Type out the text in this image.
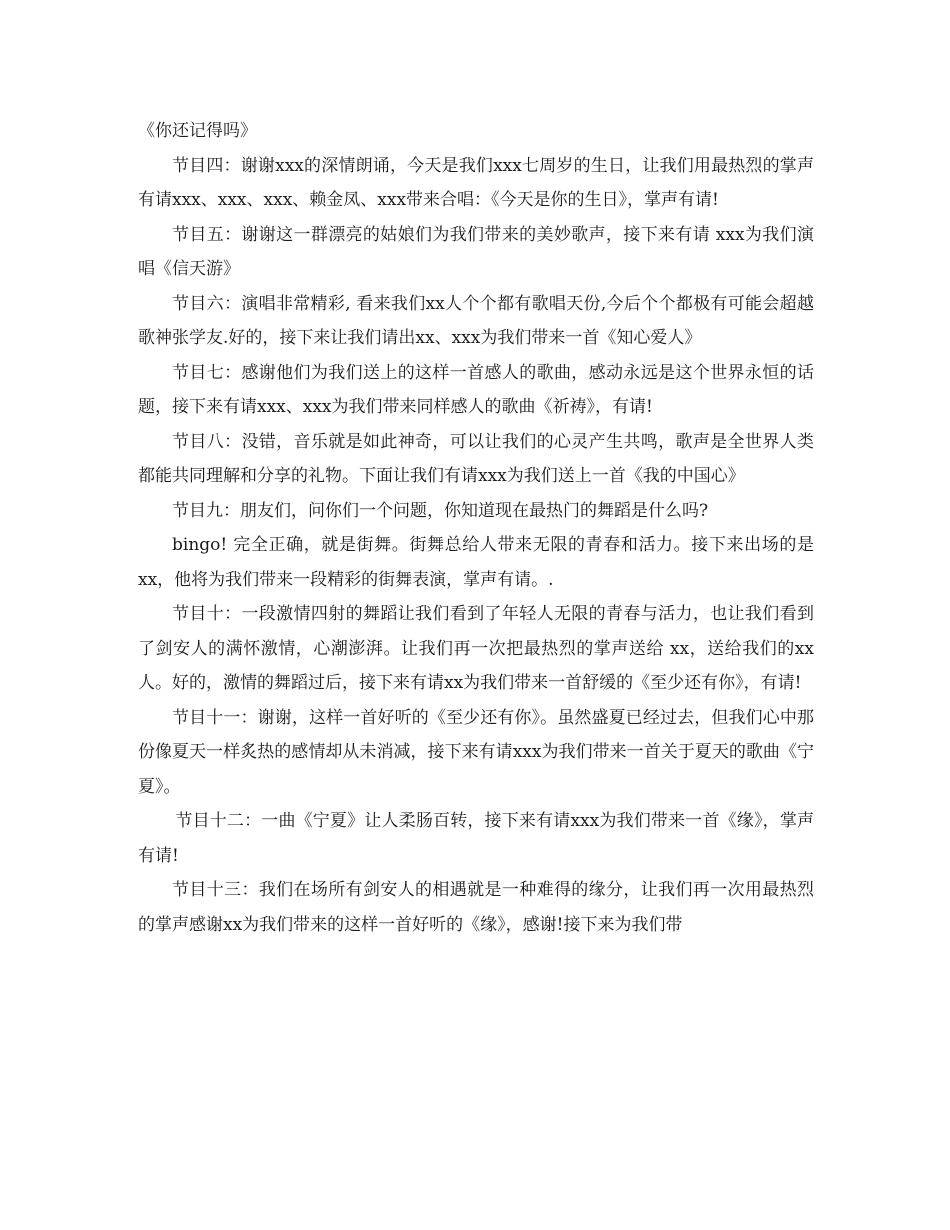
《你还记得吗》

节目四：谢谢xxx的深情朗诵，今天是我们xxx七周岁的生日，让我们用最热烈的掌声有请xxx、xxx、xxx、赖金凤、xxx带来合唱：《今天是你的生日》，掌声有请!

节目五：谢谢这一群漂亮的姑娘们为我们带来的美妙歌声，接下来有请 xxx为我们演唱《信天游》

节目六：演唱非常精彩, 看来我们xx人个个都有歌唱天份,今后个个都极有可能会超越歌神张学友.好的，接下来让我们请出xx、xxx为我们带来一首《知心爱人》

节目七：感谢他们为我们送上的这样一首感人的歌曲，感动永远是这个世界永恒的话题，接下来有请xxx、xxx为我们带来同样感人的歌曲《祈祷》，有请!

节目八：没错，音乐就是如此神奇，可以让我们的心灵产生共鸣，歌声是全世界人类都能共同理解和分享的礼物。下面让我们有请xxx为我们送上一首《我的中国心》

节目九：朋友们，问你们一个问题，你知道现在最热门的舞蹈是什么吗?

bingo! 完全正确，就是街舞。街舞总给人带来无限的青春和活力。接下来出场的是xx，他将为我们带来一段精彩的街舞表演，掌声有请。.

节目十：一段激情四射的舞蹈让我们看到了年轻人无限的青春与活力，也让我们看到了剑安人的满怀激情，心潮澎湃。让我们再一次把最热烈的掌声送给 xx，送给我们的xx人。好的，激情的舞蹈过后，接下来有请xx为我们带来一首舒缓的《至少还有你》，有请!

节目十一：谢谢，这样一首好听的《至少还有你》。虽然盛夏已经过去，但我们心中那份像夏天一样炙热的感情却从未消减，接下来有请xxx为我们带来一首关于夏天的歌曲《宁夏》。

节目十二：一曲《宁夏》让人柔肠百转，接下来有请xxx为我们带来一首《缘》，掌声有请!

节目十三：我们在场所有剑安人的相遇就是一种难得的缘分，让我们再一次用最热烈的掌声感谢xx为我们带来的这样一首好听的《缘》，感谢!接下来为我们带
